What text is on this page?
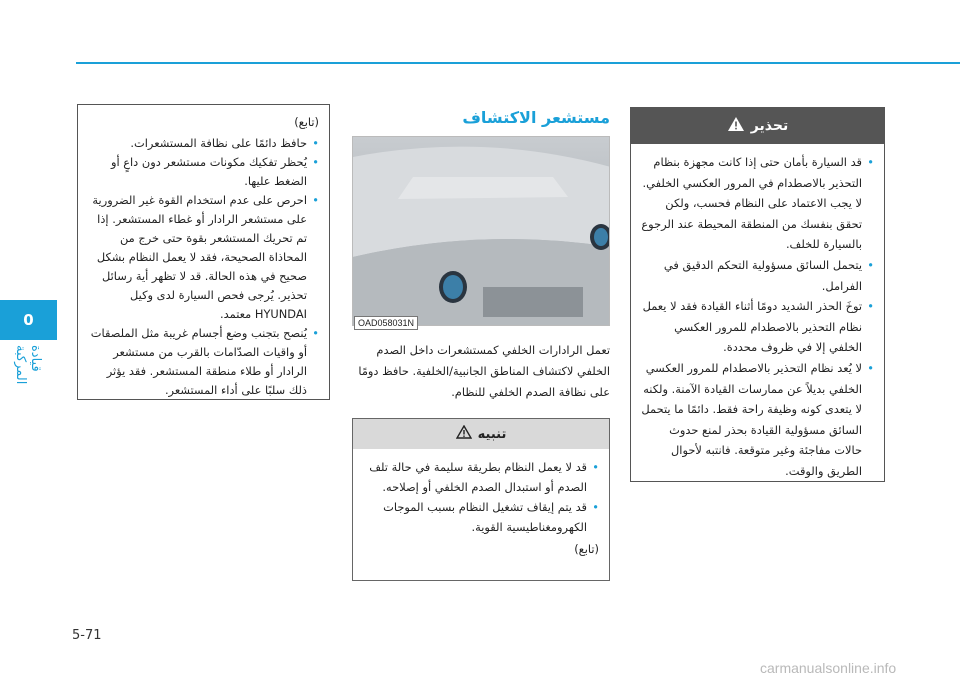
0
قيادة المركبة
(تابع)
• حافظ دائمًا على نظافة المستشعرات.
• يُحظر تفكيك مكونات مستشعر دون داعٍ أو الضغط عليها.
• احرص على عدم استخدام القوة غير الضرورية على مستشعر الرادار أو غطاء المستشعر. إذا تم تحريك المستشعر بقوة حتى خرج من المحاذاة الصحيحة، فقد لا يعمل النظام بشكل صحيح في هذه الحالة. قد لا تظهر أية رسائل تحذير. يُرجى فحص السيارة لدى وكيل HYUNDAI معتمد.
• يُنصح بتجنب وضع أجسام غريبة مثل الملصقات أو واقيات الصدّامات بالقرب من مستشعر الرادار أو طلاء منطقة المستشعر. فقد يؤثر ذلك سلبًا على أداء المستشعر.
مستشعر الاكتشاف
OAD058031N
تعمل الرادارات الخلفي كمستشعرات داخل الصدم الخلفي لاكتشاف المناطق الجانبية/الخلفية. حافظ دومًا على نظافة الصدم الخلفي للنظام.
تنبيه
• قد لا يعمل النظام بطريقة سليمة في حالة تلف الصدم أو استبدال الصدم الخلفي أو إصلاحه.
• قد يتم إيقاف تشغيل النظام بسبب الموجات الكهرومغناطيسية القوية.
(تابع)
تحذير
• قد السيارة بأمان حتى إذا كانت مجهزة بنظام التحذير بالاصطدام في المرور العكسي الخلفي. لا يجب الاعتماد على النظام فحسب، ولكن تحقق بنفسك من المنطقة المحيطة عند الرجوع بالسيارة للخلف.
• يتحمل السائق مسؤولية التحكم الدقيق في الفرامل.
• توخَ الحذر الشديد دومًا أثناء القيادة فقد لا يعمل نظام التحذير بالاصطدام للمرور العكسي الخلفي إلا في ظروف محددة.
• لا يُعد نظام التحذير بالاصطدام للمرور العكسي الخلفي بديلاً عن ممارسات القيادة الآمنة. ولكنه لا يتعدى كونه وظيفة راحة فقط. دائمًا ما يتحمل السائق مسؤولية القيادة بحذر لمنع حدوث حالات مفاجئة وغير متوقعة. فانتبه لأحوال الطريق والوقت.
5-71
carmanualsonline.info
